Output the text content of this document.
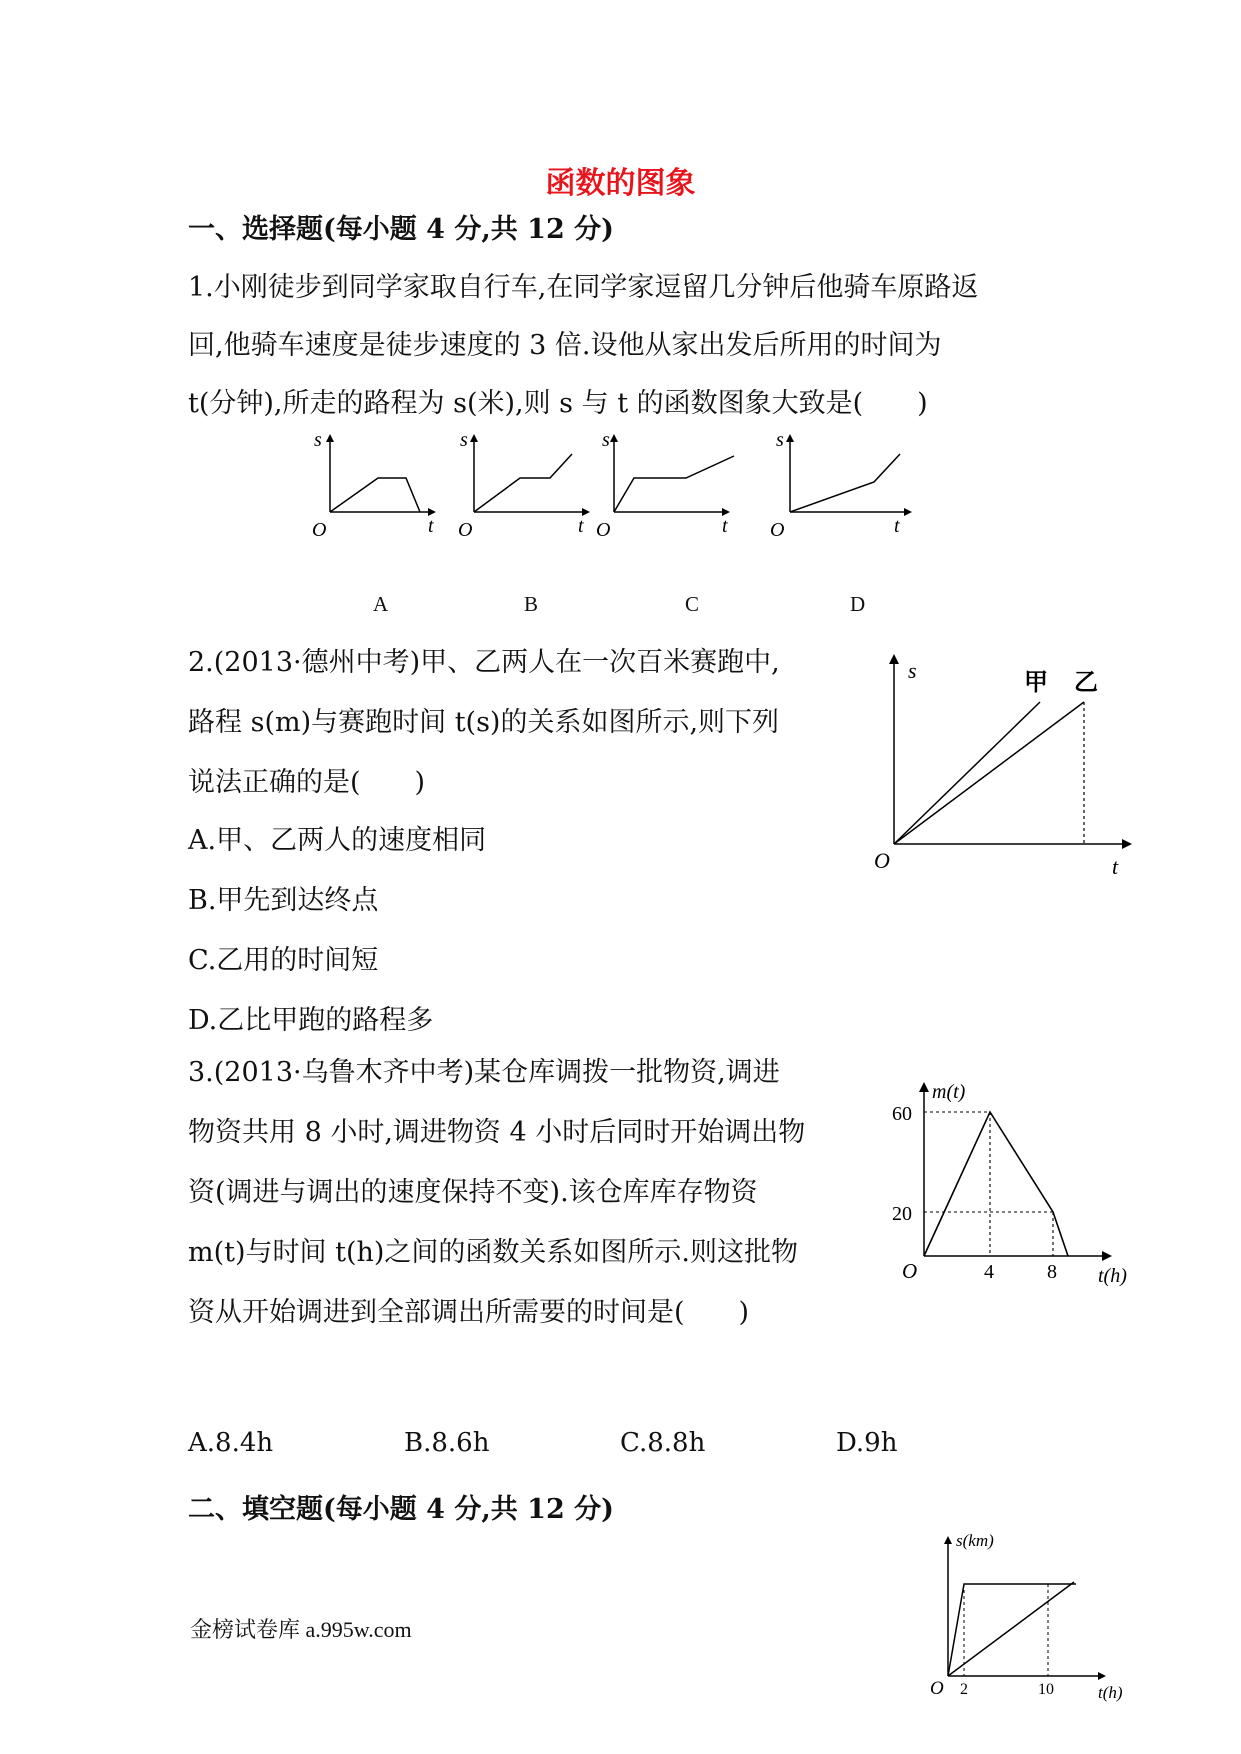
函数的图象
一、选择题(每小题 4 分,共 12 分)
1.小刚徒步到同学家取自行车,在同学家逗留几分钟后他骑车原路返
回,他骑车速度是徒步速度的 3 倍.设他从家出发后所用的时间为
t(分钟),所走的路程为 s(米),则 s 与 t 的函数图象大致是(　　)
s
t
O
s
t
O
s
t
O
s
t
O
A	B	C	D
2.(2013·德州中考)甲、乙两人在一次百米赛跑中,
路程 s(m)与赛跑时间 t(s)的关系如图所示,则下列
说法正确的是(　　)
A.甲、乙两人的速度相同
B.甲先到达终点
C.乙用的时间短
D.乙比甲跑的路程多
s
t
O
甲 乙
3.(2013·乌鲁木齐中考)某仓库调拨一批物资,调进
物资共用 8 小时,调进物资 4 小时后同时开始调出物
资(调进与调出的速度保持不变).该仓库库存物资
m(t)与时间 t(h)之间的函数关系如图所示.则这批物
资从开始调进到全部调出所需要的时间是(　　)
A.8.4h	B.8.6h	C.8.8h	D.9h
m(t)
60
20
O	4	8 t(h)
二、填空题(每小题 4 分,共 12 分)
s(km)
O 2	10	t(h)
金榜试卷库 a.995w.com
